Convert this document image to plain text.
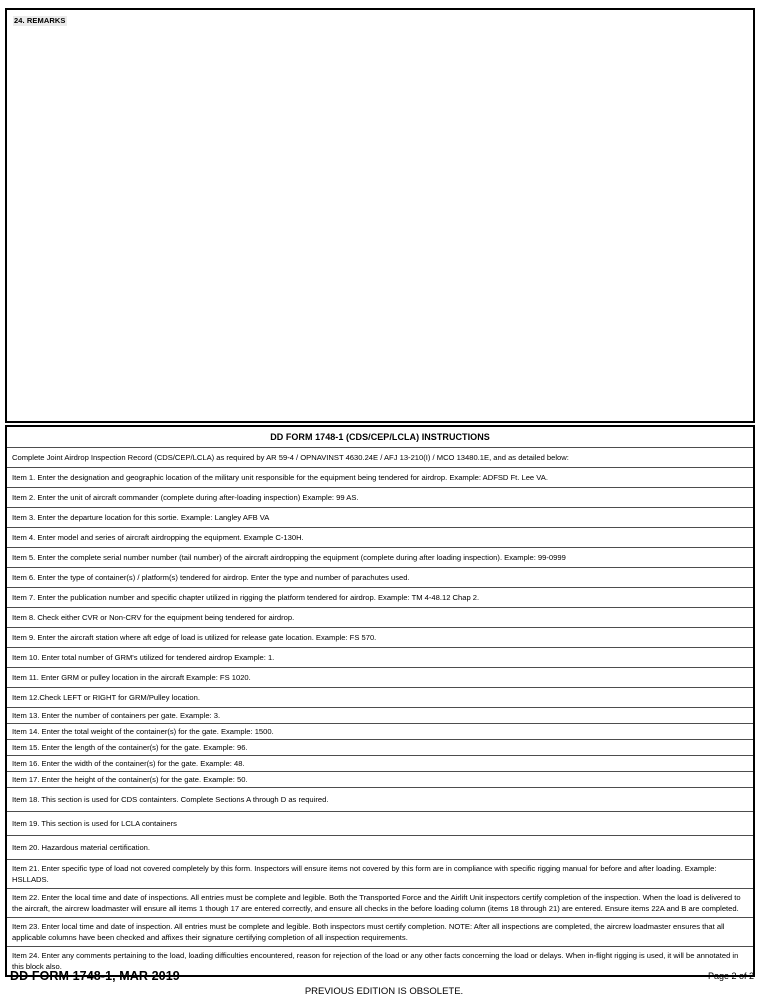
24. REMARKS
DD FORM 1748-1 (CDS/CEP/LCLA) INSTRUCTIONS
Complete Joint Airdrop Inspection Record (CDS/CEP/LCLA) as required by AR 59-4 / OPNAVINST 4630.24E / AFJ 13-210(I) / MCO 13480.1E, and as detailed below:
Item 1. Enter the designation and geographic location of the military unit responsible for the equipment being tendered for airdrop. Example: ADFSD Ft. Lee VA.
Item 2. Enter the unit of aircraft commander (complete during after-loading inspection) Example: 99 AS.
Item 3. Enter the departure location for this sortie. Example: Langley AFB VA
Item 4. Enter model and series of aircraft airdropping the equipment. Example C-130H.
Item 5. Enter the complete serial number number (tail number) of the aircraft airdropping the equipment (complete during after loading inspection). Example: 99-0999
Item 6. Enter the type of container(s) / platform(s) tendered for airdrop. Enter the type and number of parachutes used.
Item 7. Enter the publication number and specific chapter utilized in rigging the platform tendered for airdrop. Example: TM 4-48.12 Chap 2.
Item 8. Check either CVR or Non-CRV for the equipment being tendered for airdrop.
Item 9. Enter the aircraft station where aft edge of load is utilized for release gate location. Example: FS 570.
Item 10. Enter total number of GRM's utilized for tendered airdrop Example: 1.
Item 11. Enter GRM or pulley location in the aircraft Example: FS 1020.
Item 12.Check LEFT or RIGHT for GRM/Pulley location.
Item 13. Enter the number of containers per gate. Example: 3.
Item 14. Enter the total weight of the container(s) for the gate. Example: 1500.
Item 15. Enter the length of the container(s) for the gate. Example: 96.
Item 16. Enter the width of the container(s) for the gate. Example: 48.
Item 17. Enter the height of the container(s) for the gate. Example: 50.
Item 18. This section is used for CDS containters. Complete Sections A through D as required.
Item 19. This section is used for LCLA containers
Item 20. Hazardous material certification.
Item 21. Enter specific type of load not covered completely by this form. Inspectors will ensure items not covered by this form are in compliance with specific rigging manual for before and after loading. Example: HSLLADS.
Item 22. Enter the local time and date of inspections. All entries must be complete and legible. Both the Transported Force and the Airlift Unit inspectors certify completion of the inspection. When the load is delivered to the aircraft, the aircrew loadmaster will ensure all items 1 though 17 are entered correctly, and ensure all checks in the before loading column (items 18 through 21) are entered. Ensure items 22A and B are completed.
Item 23. Enter local time and date of inspection. All entries must be complete and legible. Both inspectors must certify completion. NOTE: After all inspections are completed, the aircrew loadmaster ensures that all applicable columns have been checked and affixes their signature certifying completion of all inspection requirements.
Item 24. Enter any comments pertaining to the load, loading difficulties encountered, reason for rejection of the load or any other facts concerning the load or delays. When in-flight rigging is used, it will be annotated in this block also.
DD FORM 1748-1, MAR 2019	Page 2 of 2
PREVIOUS EDITION IS OBSOLETE.
